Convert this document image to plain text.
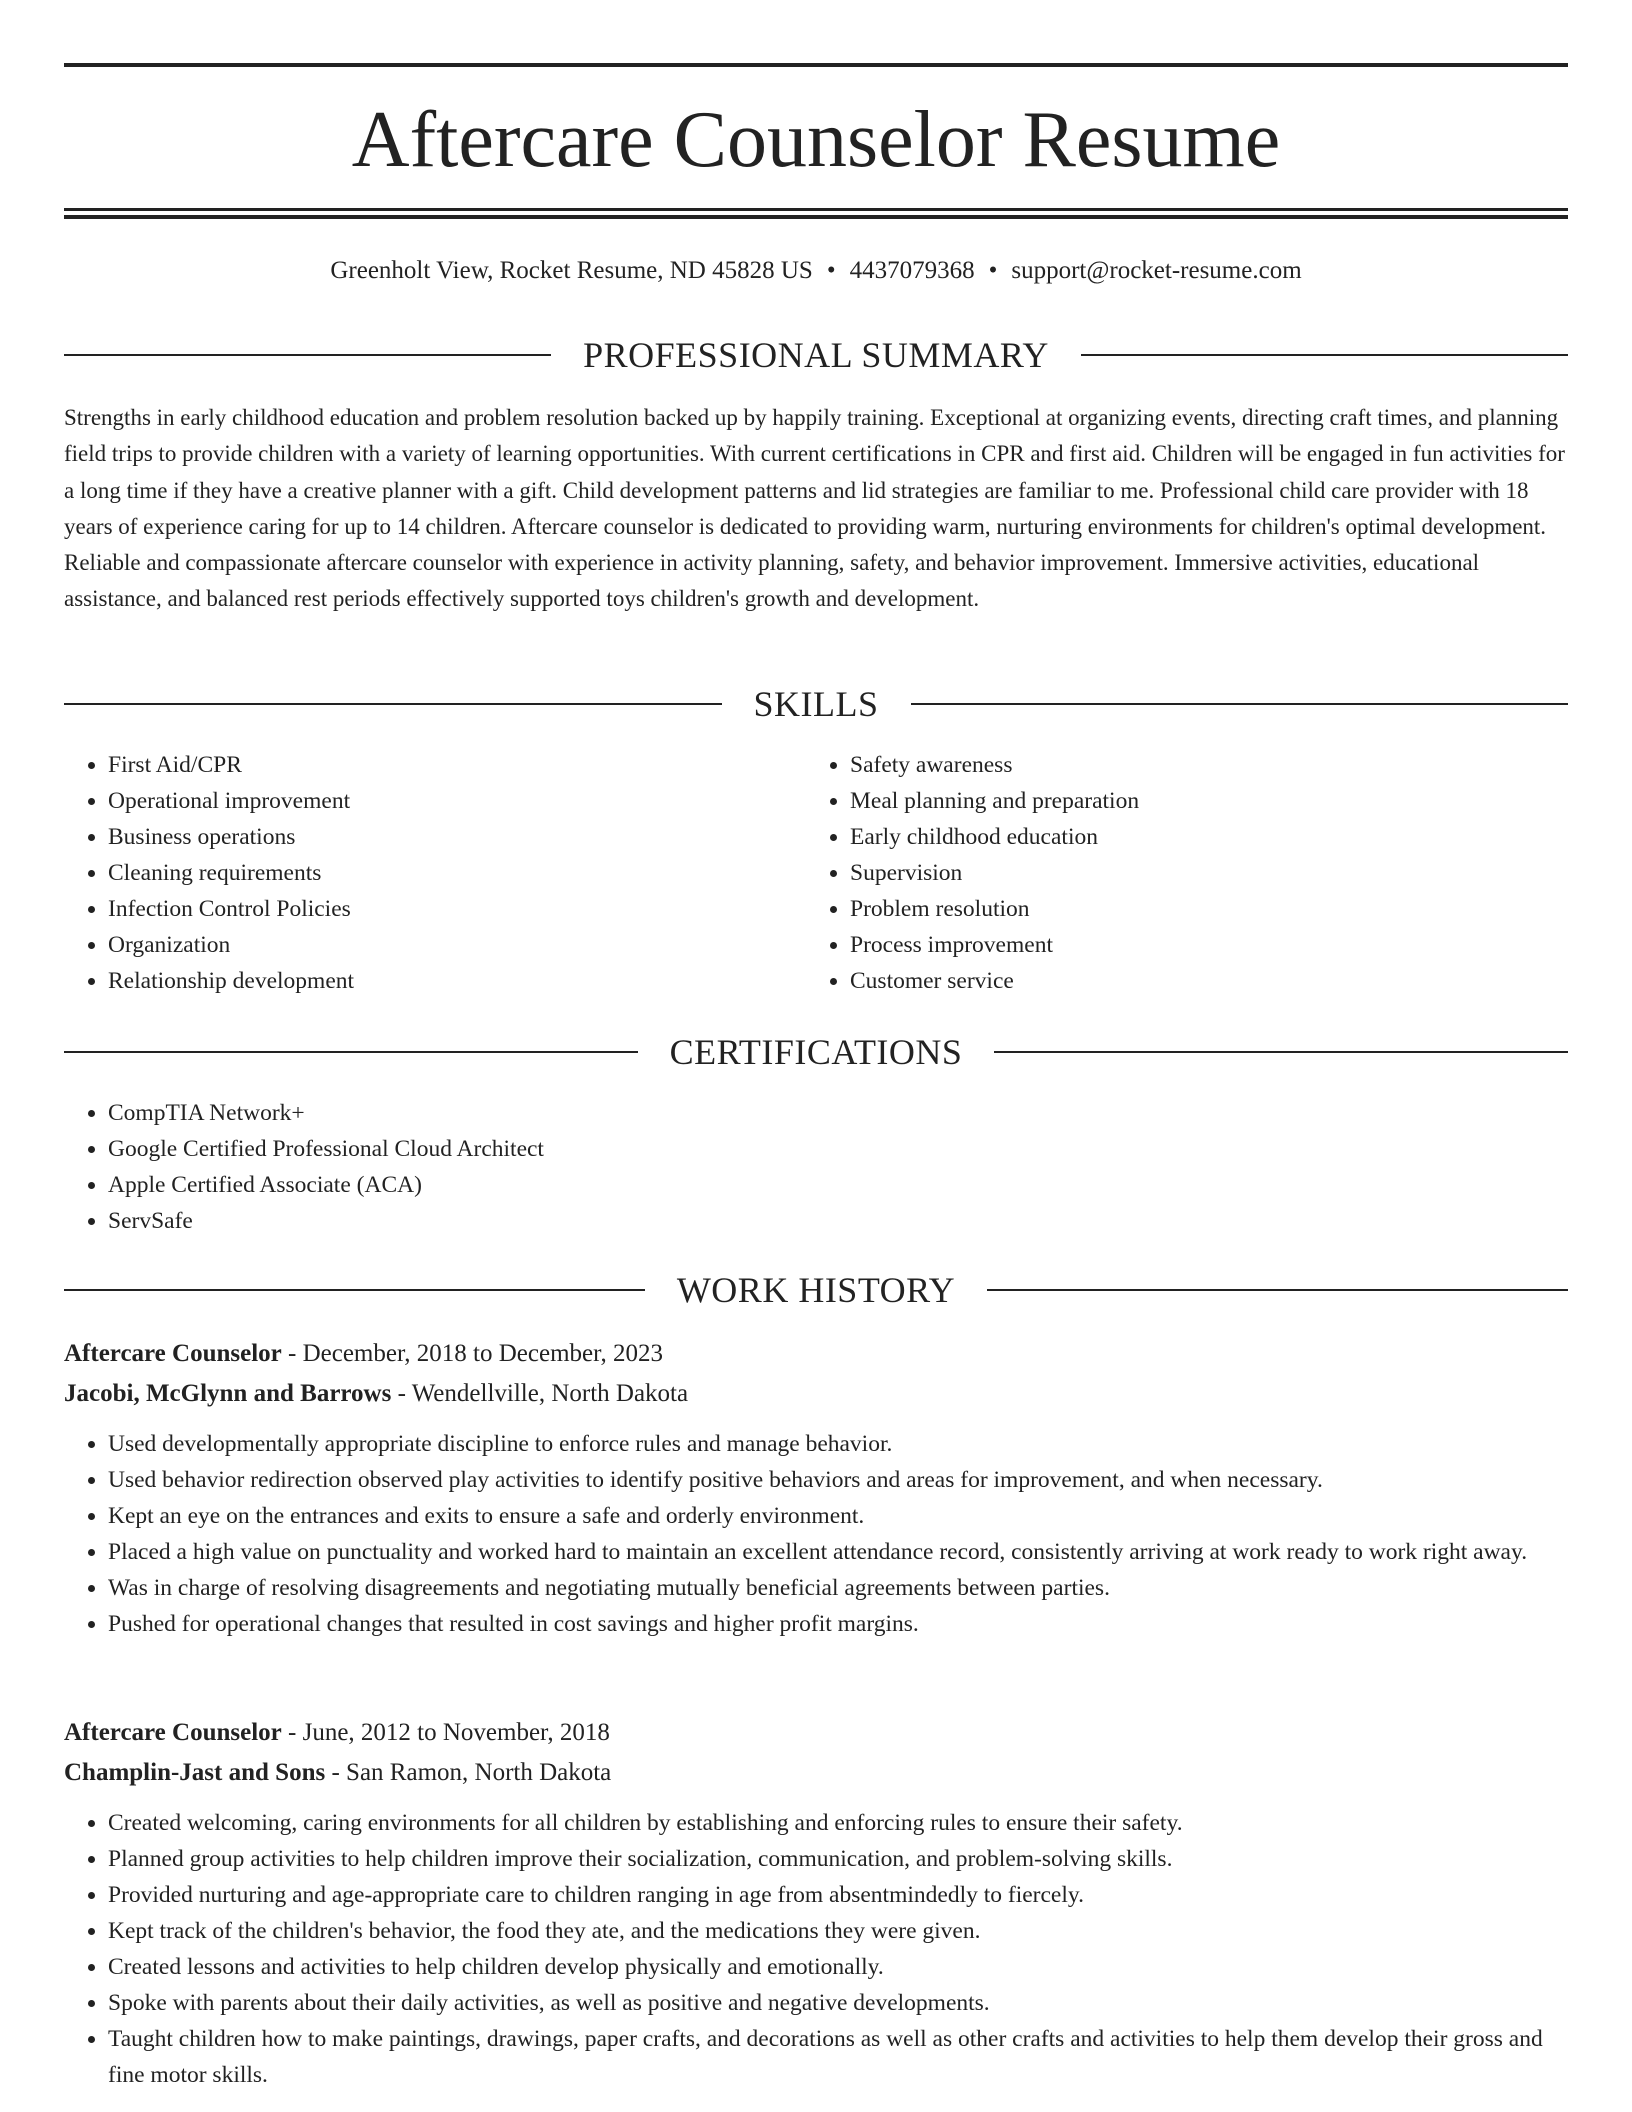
Aftercare Counselor Resume
Greenholt View, Rocket Resume, ND 45828 US • 4437079368 • support@rocket-resume.com
PROFESSIONAL SUMMARY

Strengths in early childhood education and problem resolution backed up by happily training. Exceptional at organizing events, directing craft times, and planning field trips to provide children with a variety of learning opportunities. With current certifications in CPR and first aid. Children will be engaged in fun activities for a long time if they have a creative planner with a gift. Child development patterns and lid strategies are familiar to me. Professional child care provider with 18 years of experience caring for up to 14 children. Aftercare counselor is dedicated to providing warm, nurturing environments for children's optimal development. Reliable and compassionate aftercare counselor with experience in activity planning, safety, and behavior improvement. Immersive activities, educational assistance, and balanced rest periods effectively supported toys children's growth and development.

SKILLS
• First Aid/CPR
• Operational improvement
• Business operations
• Cleaning requirements
• Infection Control Policies
• Organization
• Relationship development
• Safety awareness
• Meal planning and preparation
• Early childhood education
• Supervision
• Problem resolution
• Process improvement
• Customer service
CERTIFICATIONS
• CompTIA Network+
• Google Certified Professional Cloud Architect
• Apple Certified Associate (ACA)
• ServSafe
WORK HISTORY
Aftercare Counselor - December, 2018 to December, 2023
Jacobi, McGlynn and Barrows - Wendellville, North Dakota
• Used developmentally appropriate discipline to enforce rules and manage behavior.
• Used behavior redirection observed play activities to identify positive behaviors and areas for improvement, and when necessary.
• Kept an eye on the entrances and exits to ensure a safe and orderly environment.
• Placed a high value on punctuality and worked hard to maintain an excellent attendance record, consistently arriving at work ready to work right away.
• Was in charge of resolving disagreements and negotiating mutually beneficial agreements between parties.
• Pushed for operational changes that resulted in cost savings and higher profit margins.
Aftercare Counselor - June, 2012 to November, 2018
Champlin-Jast and Sons - San Ramon, North Dakota
• Created welcoming, caring environments for all children by establishing and enforcing rules to ensure their safety.
• Planned group activities to help children improve their socialization, communication, and problem-solving skills.
• Provided nurturing and age-appropriate care to children ranging in age from absentmindedly to fiercely.
• Kept track of the children's behavior, the food they ate, and the medications they were given.
• Created lessons and activities to help children develop physically and emotionally.
• Spoke with parents about their daily activities, as well as positive and negative developments.
• Taught children how to make paintings, drawings, paper crafts, and decorations as well as other crafts and activities to help them develop their gross and fine motor skills.
